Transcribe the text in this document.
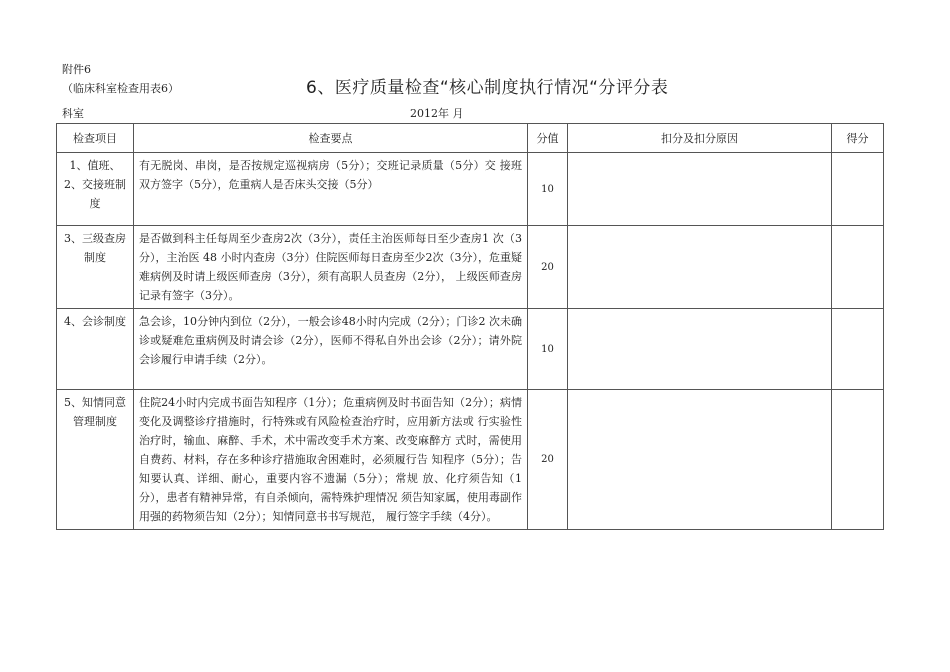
附件6
（临床科室检查用表6）	6、医疗质量检查“核心制度执行情况“分评分表
科室	2012年 月
检查项目	检查要点	分值	扣分及扣分原因	得分
1、值班、2、交接班制度	有无脱岗、串岗，是否按规定巡视病房（5分）；交班记录质量（5分）交 接班双方签字（5分），危重病人是否床头交接（5分）	10		
3、三级查房制度	是否做到科主任每周至少查房2次（3分），责任主治医师每日至少查房1 次（3分），主治医 48 小时内查房（3分）住院医师每日查房至少2次（3分），危重疑难病例及时请上级医师查房（3分），须有高职人员查房（2分）， 上级医师查房记录有签字（3分）。	20		
4、会诊制度	急会诊，10分钟内到位（2分），一般会诊48小时内完成（2分）；门诊2 次未确诊或疑难危重病例及时请会诊（2分），医师不得私自外出会诊（2分）；请外院会诊履行申请手续（2分）。	10		
5、知情同意管理制度	住院24小时内完成书面告知程序（1分）；危重病例及时书面告知（2分）；病情变化及调整诊疗措施时，行特殊或有风险检查治疗时，应用新方法或 行实验性治疗时，输血、麻醉、手术，术中需改变手术方案、改变麻醉方 式时，需使用自费药、材料，存在多种诊疗措施取舍困难时，必须履行告 知程序（5分）；告知要认真、详细、耐心，重要内容不遗漏（5分）；常规 放、化疗须告知（1分），患者有精神异常，有自杀倾向，需特殊护理情况 须告知家属，使用毒副作用强的药物须告知（2分）；知情同意书书写规范， 履行签字手续（4分）。	20		
